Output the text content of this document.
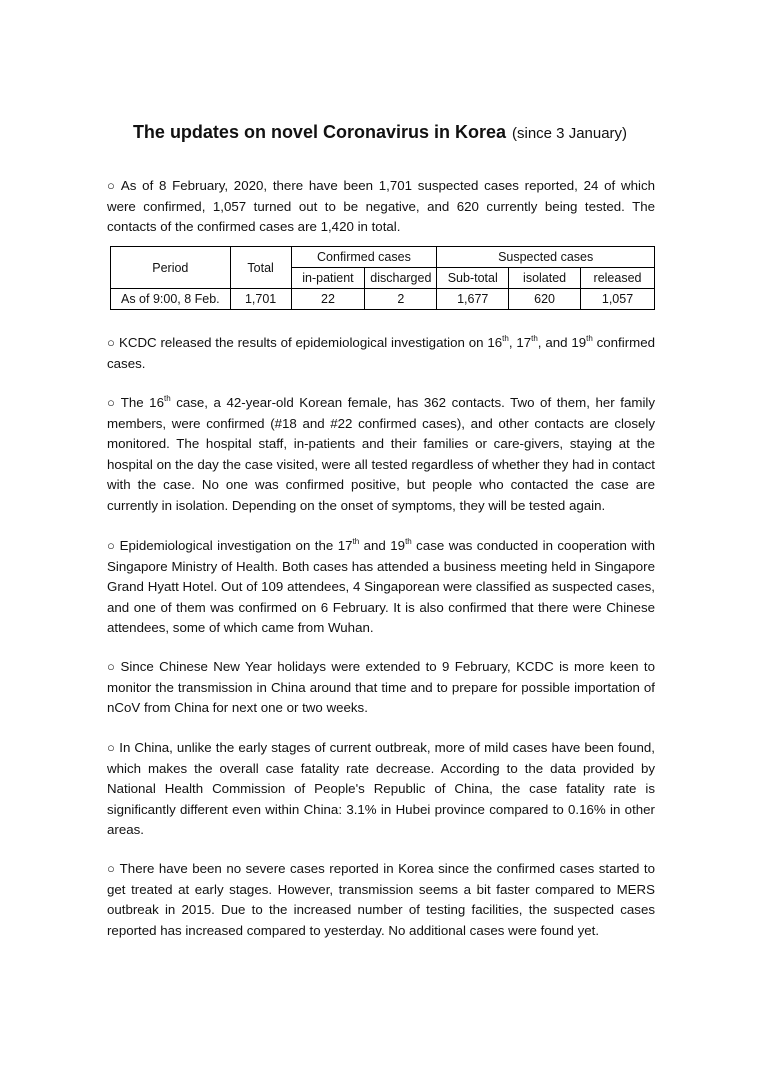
The updates on novel Coronavirus in Korea (since 3 January)

○ As of 8 February, 2020, there have been 1,701 suspected cases reported, 24 of which were confirmed, 1,057 turned out to be negative, and 620 currently being tested. The contacts of the confirmed cases are 1,420 in total.

Period	Total	Confirmed cases		Suspected cases		
		in-patient	discharged	Sub-total	isolated	released
As of 9:00, 8 Feb.	1,701	22	2	1,677	620	1,057

○ KCDC released the results of epidemiological investigation on 16th, 17th, and 19th confirmed cases.

○ The 16th case, a 42-year-old Korean female, has 362 contacts. Two of them, her family members, were confirmed (#18 and #22 confirmed cases), and other contacts are closely monitored. The hospital staff, in-patients and their families or care-givers, staying at the hospital on the day the case visited, were all tested regardless of whether they had in contact with the case. No one was confirmed positive, but people who contacted the case are currently in isolation. Depending on the onset of symptoms, they will be tested again.

○ Epidemiological investigation on the 17th and 19th case was conducted in cooperation with Singapore Ministry of Health. Both cases has attended a business meeting held in Singapore Grand Hyatt Hotel. Out of 109 attendees, 4 Singaporean were classified as suspected cases, and one of them was confirmed on 6 February. It is also confirmed that there were Chinese attendees, some of which came from Wuhan.

○ Since Chinese New Year holidays were extended to 9 February, KCDC is more keen to monitor the transmission in China around that time and to prepare for possible importation of nCoV from China for next one or two weeks.

○ In China, unlike the early stages of current outbreak, more of mild cases have been found, which makes the overall case fatality rate decrease. According to the data provided by National Health Commission of People's Republic of China, the case fatality rate is significantly different even within China: 3.1% in Hubei province compared to 0.16% in other areas.

○ There have been no severe cases reported in Korea since the confirmed cases started to get treated at early stages. However, transmission seems a bit faster compared to MERS outbreak in 2015. Due to the increased number of testing facilities, the suspected cases reported has increased compared to yesterday. No additional cases were found yet.
